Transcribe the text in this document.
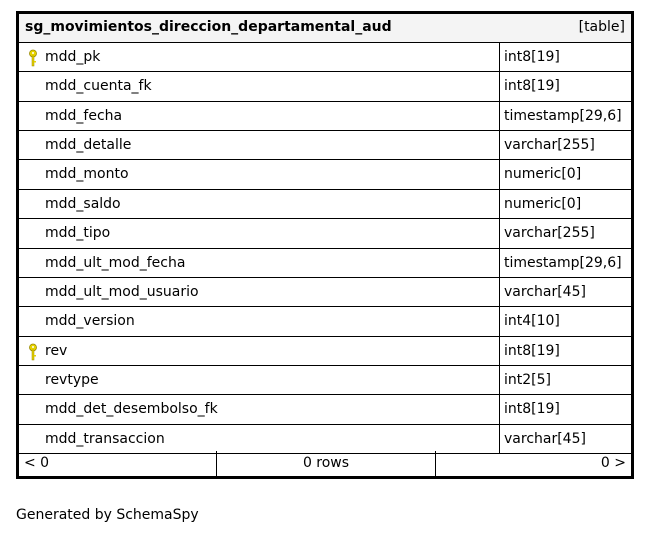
sg_movimientos_direccion_departamental_aud	[table]
mdd_pk	int8[19]
mdd_cuenta_fk	int8[19]
mdd_fecha	timestamp[29,6]
mdd_detalle	varchar[255]
mdd_monto	numeric[0]
mdd_saldo	numeric[0]
mdd_tipo	varchar[255]
mdd_ult_mod_fecha	timestamp[29,6]
mdd_ult_mod_usuario	varchar[45]
mdd_version	int4[10]
rev	int8[19]
revtype	int2[5]
mdd_det_desembolso_fk	int8[19]
mdd_transaccion	varchar[45]
< 0	0 rows	0 >
Generated by SchemaSpy
